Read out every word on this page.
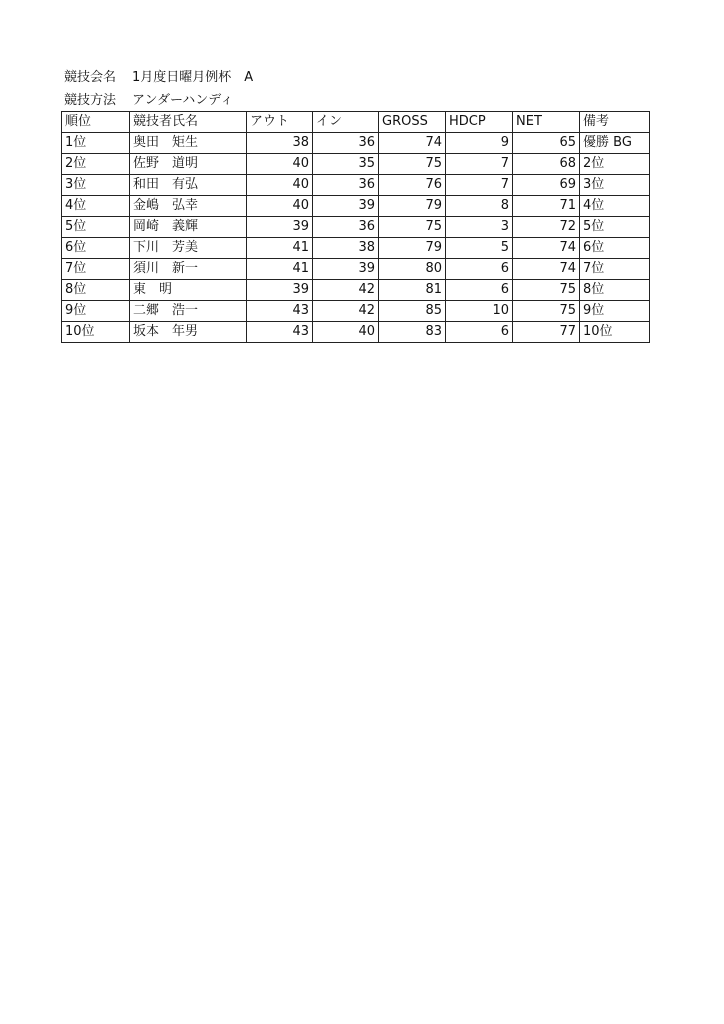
競技会名 1月度日曜月例杯　A
競技方法 アンダーハンディ
順位	競技者氏名	アウト	イン	GROSS	HDCP	NET	備考
1位	奥田　矩生	38	36	74	9	65	優勝 BG
2位	佐野　道明	40	35	75	7	68	2位
3位	和田　有弘	40	36	76	7	69	3位
4位	金嶋　弘幸	40	39	79	8	71	4位
5位	岡崎　義輝	39	36	75	3	72	5位
6位	下川　芳美	41	38	79	5	74	6位
7位	須川　新一	41	39	80	6	74	7位
8位	東　明	39	42	81	6	75	8位
9位	二郷　浩一	43	42	85	10	75	9位
10位	坂本　年男	43	40	83	6	77	10位
